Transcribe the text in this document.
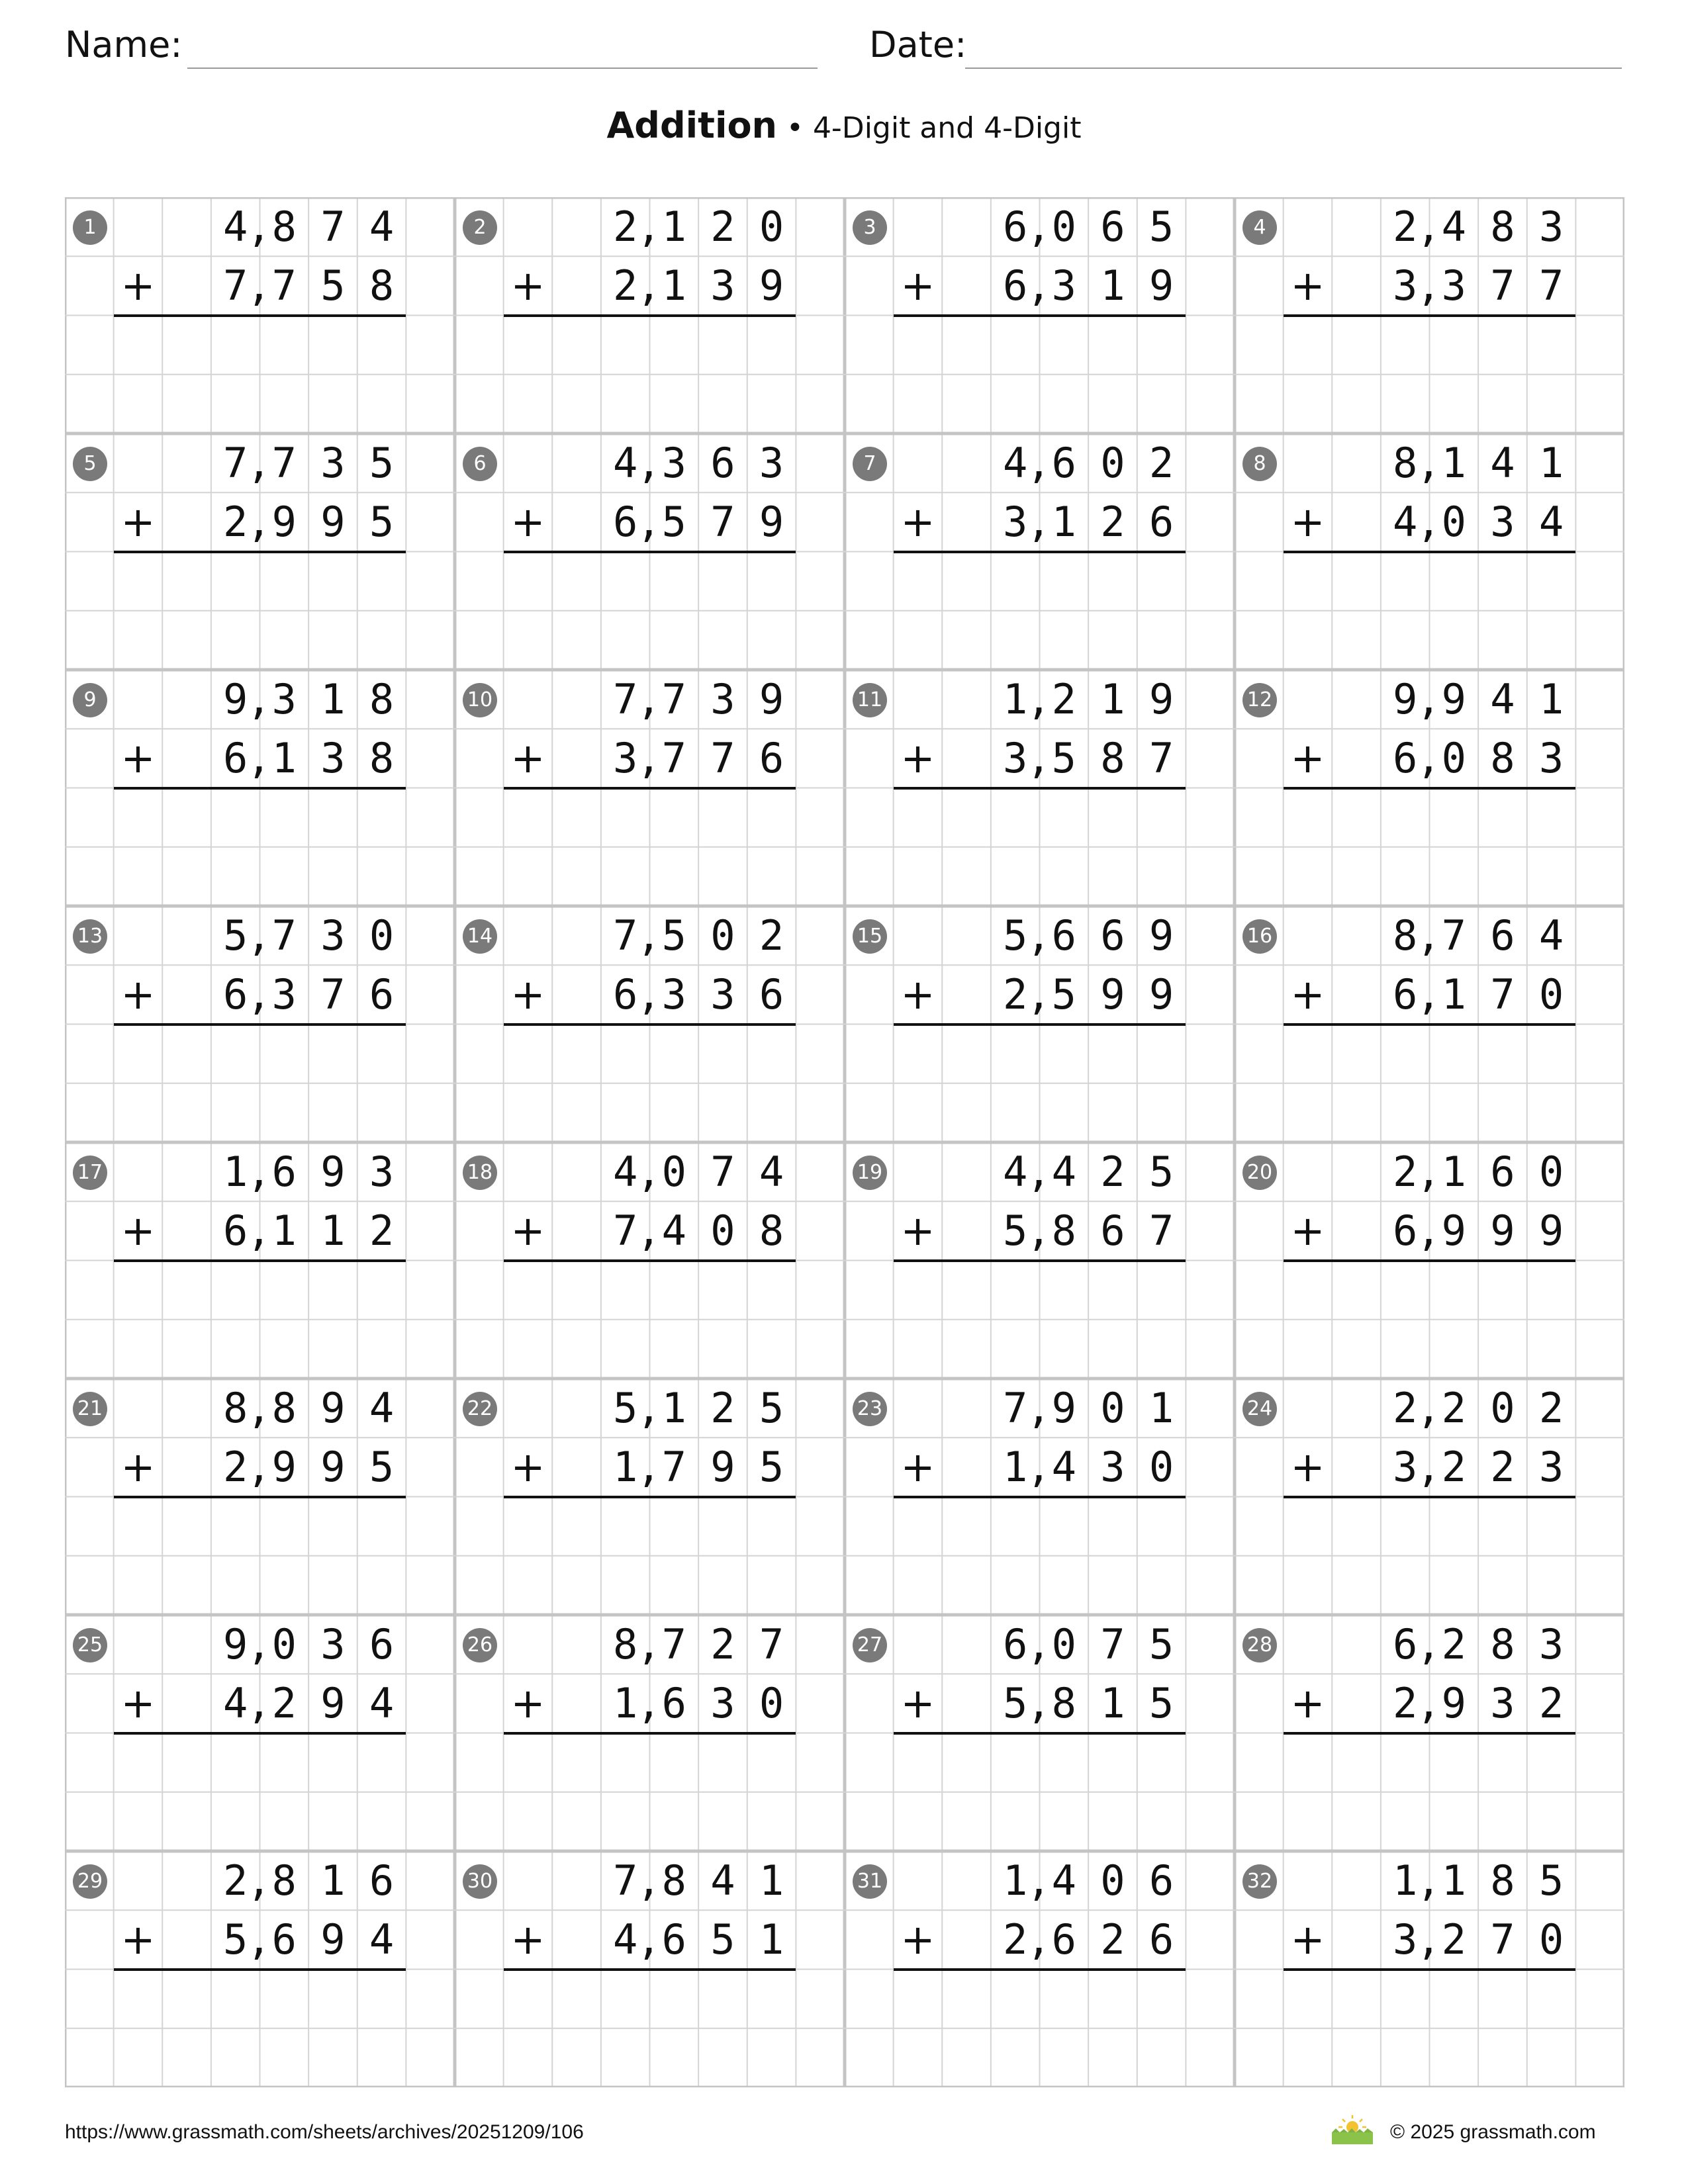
Name:	Date:
Addition • 4-Digit and 4-Digit
1	4 8 7 4
,
7 7 5 8
,
+
2	2 1 2 0
,
2 1 3 9
,
+
3	6 0 6 5
,
6 3 1 9
,
+
4	2 4 8 3
,
3 3 7 7
,
+
5	7 7 3 5
,
2 9 9 5
,
+
6	4 3 6 3
,
6 5 7 9
,
+
7	4 6 0 2
,
3 1 2 6
,
+
8	8 1 4 1
,
4 0 3 4
,
+
9	9 3 1 8
,
6 1 3 8
,
+
10	7 7 3 9
,
3 7 7 6
,
+
11	1 2 1 9
,
3 5 8 7
,
+
12	9 9 4 1
,
6 0 8 3
,
+
13	5 7 3 0
,
6 3 7 6
,
+
14	7 5 0 2
,
6 3 3 6
,
+
15	5 6 6 9
,
2 5 9 9
,
+
16	8 7 6 4
,
6 1 7 0
,
+
17	1 6 9 3
,
6 1 1 2
,
+
18	4 0 7 4
,
7 4 0 8
,
+
19	4 4 2 5
,
5 8 6 7
,
+
20	2 1 6 0
,
6 9 9 9
,
+
21	8 8 9 4
,
2 9 9 5
,
+
22	5 1 2 5
,
1 7 9 5
,
+
23	7 9 0 1
,
1 4 3 0
,
+
24	2 2 0 2
,
3 2 2 3
,
+
25	9 0 3 6
,
4 2 9 4
,
+
26	8 7 2 7
,
1 6 3 0
,
+
27	6 0 7 5
,
5 8 1 5
,
+
28	6 2 8 3
,
2 9 3 2
,
+
29	2 8 1 6
,
5 6 9 4
,
+
30	7 8 4 1
,
4 6 5 1
,
+
31	1 4 0 6
,
2 6 2 6
,
+
32	1 1 8 5
,
3 2 7 0
,
+
https://www.grassmath.com/sheets/archives/20251209/106	© 2025 grassmath.com
